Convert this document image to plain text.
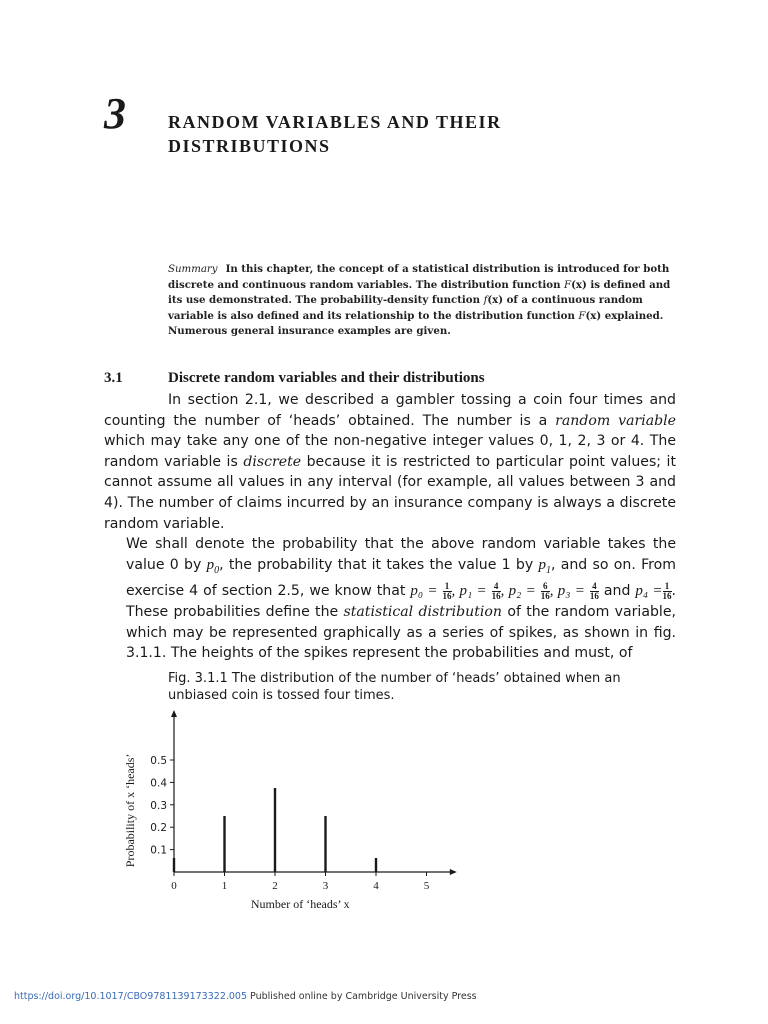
3 RANDOM VARIABLES AND THEIR
DISTRIBUTIONS
Summary In this chapter, the concept of a statistical distribution is introduced for both discrete and continuous random variables. The distribution function F(x) is defined and its use demonstrated. The probability-density function f(x) of a continuous random variable is also defined and its relationship to the distribution function F(x) explained. Numerous general insurance examples are given.
3.1	Discrete random variables and their distributions

In section 2.1, we described a gambler tossing a coin four times and counting the number of ‘heads’ obtained. The number is a random variable which may take any one of the non-negative integer values 0, 1, 2, 3 or 4. The random variable is discrete because it is restricted to particular point values; it cannot assume all values in any interval (for example, all values between 3 and 4). The number of claims incurred by an insurance company is always a discrete random variable.

We shall denote the probability that the above random variable takes the value 0 by $p_0$, the probability that it takes the value 1 by $p_1$, and so on. From exercise 4 of section 2.5, we know that $p_0 = \frac{1}{16}$ , $p_1 = \frac{4}{16}$ , $p_2 = \frac{6}{16}$ , $p_3 = \frac{4}{16}$ and $p_4 = \frac{1}{16}$ . These probabilities define the statistical distribution of the random variable, which may be represented graphically as a series of spikes, as shown in fig. 3.1.1. The heights of the spikes represent the probabilities and must, of

Fig. 3.1.1 The distribution of the number of ‘heads’ obtained when an
unbiased coin is tossed four times.
0.1
0.2
0.3
0.4
0.5
0	1	2	3	4	5
Number of ‘heads’ x
Probability of x ‘heads’
https://doi.org/10.1017/CBO9781139173322.005 Published online by Cambridge University Press
